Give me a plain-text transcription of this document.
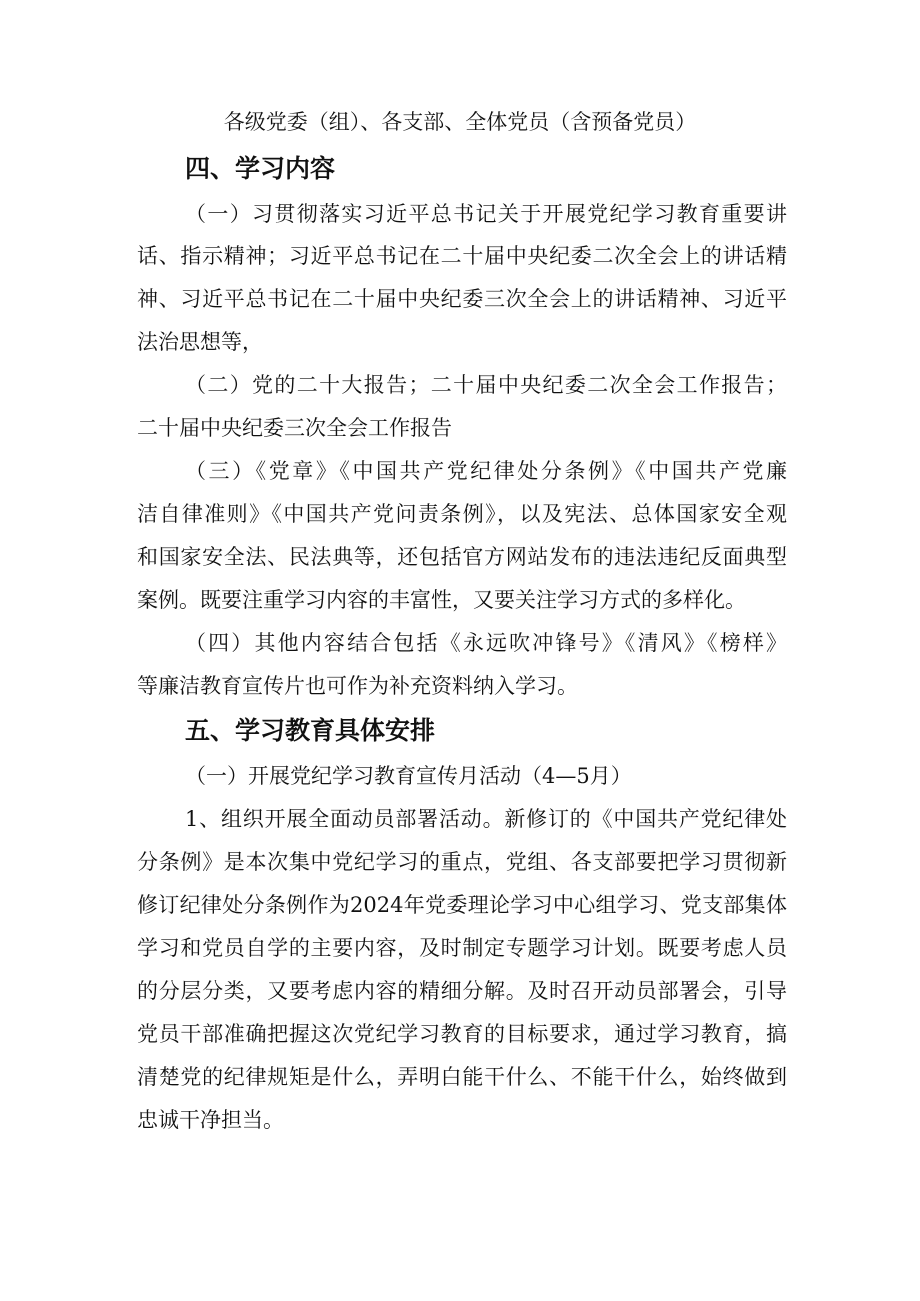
各级党委（组）、各支部、全体党员（含预备党员）
四、学习内容
（一）习贯彻落实习近平总书记关于开展党纪学习教育重要讲
话、指示精神；习近平总书记在二十届中央纪委二次全会上的讲话精
神、习近平总书记在二十届中央纪委三次全会上的讲话精神、习近平
法治思想等，
（二）党的二十大报告；二十届中央纪委二次全会工作报告；
二十届中央纪委三次全会工作报告
（三）《党章》《中国共产党纪律处分条例》《中国共产党廉
洁自律准则》《中国共产党问责条例》，以及宪法、总体国家安全观
和国家安全法、民法典等，还包括官方网站发布的违法违纪反面典型
案例。既要注重学习内容的丰富性，又要关注学习方式的多样化。
（四）其他内容结合包括《永远吹冲锋号》《清风》《榜样》
等廉洁教育宣传片也可作为补充资料纳入学习。
五、学习教育具体安排
（一）开展党纪学习教育宣传月活动（4—5月）
1、组织开展全面动员部署活动。新修订的《中国共产党纪律处
分条例》是本次集中党纪学习的重点，党组、各支部要把学习贯彻新
修订纪律处分条例作为2024年党委理论学习中心组学习、党支部集体
学习和党员自学的主要内容，及时制定专题学习计划。既要考虑人员
的分层分类，又要考虑内容的精细分解。及时召开动员部署会，引导
党员干部准确把握这次党纪学习教育的目标要求，通过学习教育，搞
清楚党的纪律规矩是什么，弄明白能干什么、不能干什么，始终做到
忠诚干净担当。
